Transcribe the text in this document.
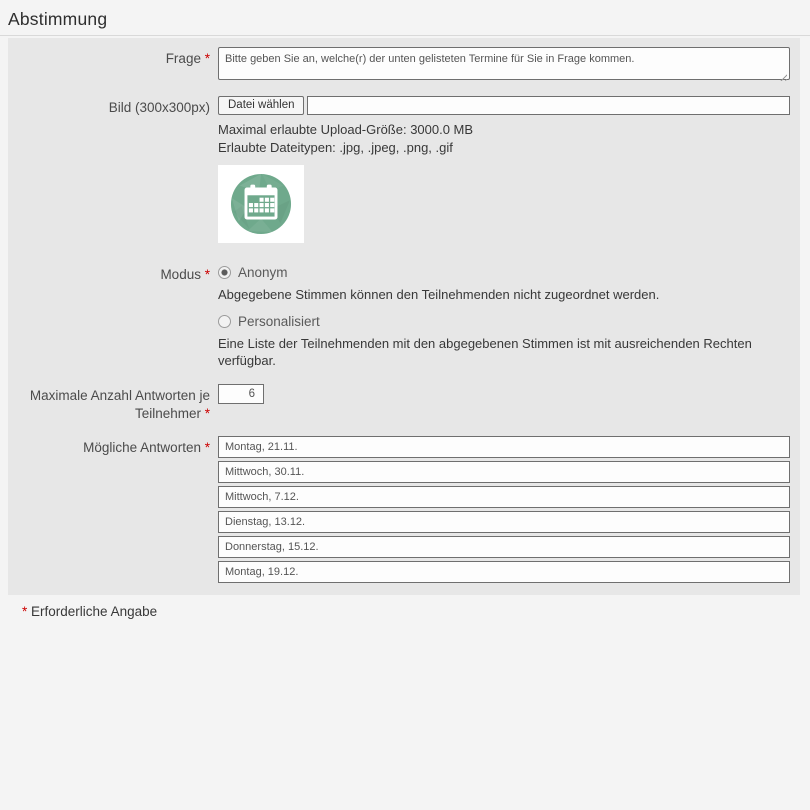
Abstimmung
Frage *
Bitte geben Sie an, welche(r) der unten gelisteten Termine für Sie in Frage kommen.
Bild (300x300px)	Datei wählen
Maximal erlaubte Upload-Größe: 3000.0 MB
Erlaubte Dateitypen: .jpg, .jpeg, .png, .gif
Modus *	Anonym
Abgegebene Stimmen können den Teilnehmenden nicht zugeordnet werden.
Personalisiert
Eine Liste der Teilnehmenden mit den abgegebenen Stimmen ist mit ausreichenden Rechten verfügbar.
Maximale Anzahl Antworten je Teilnehmer *
6
Mögliche Antworten *
Montag, 21.11.
Mittwoch, 30.11.
Mittwoch, 7.12.
Dienstag, 13.12.
Donnerstag, 15.12.
Montag, 19.12.
* Erforderliche Angabe
